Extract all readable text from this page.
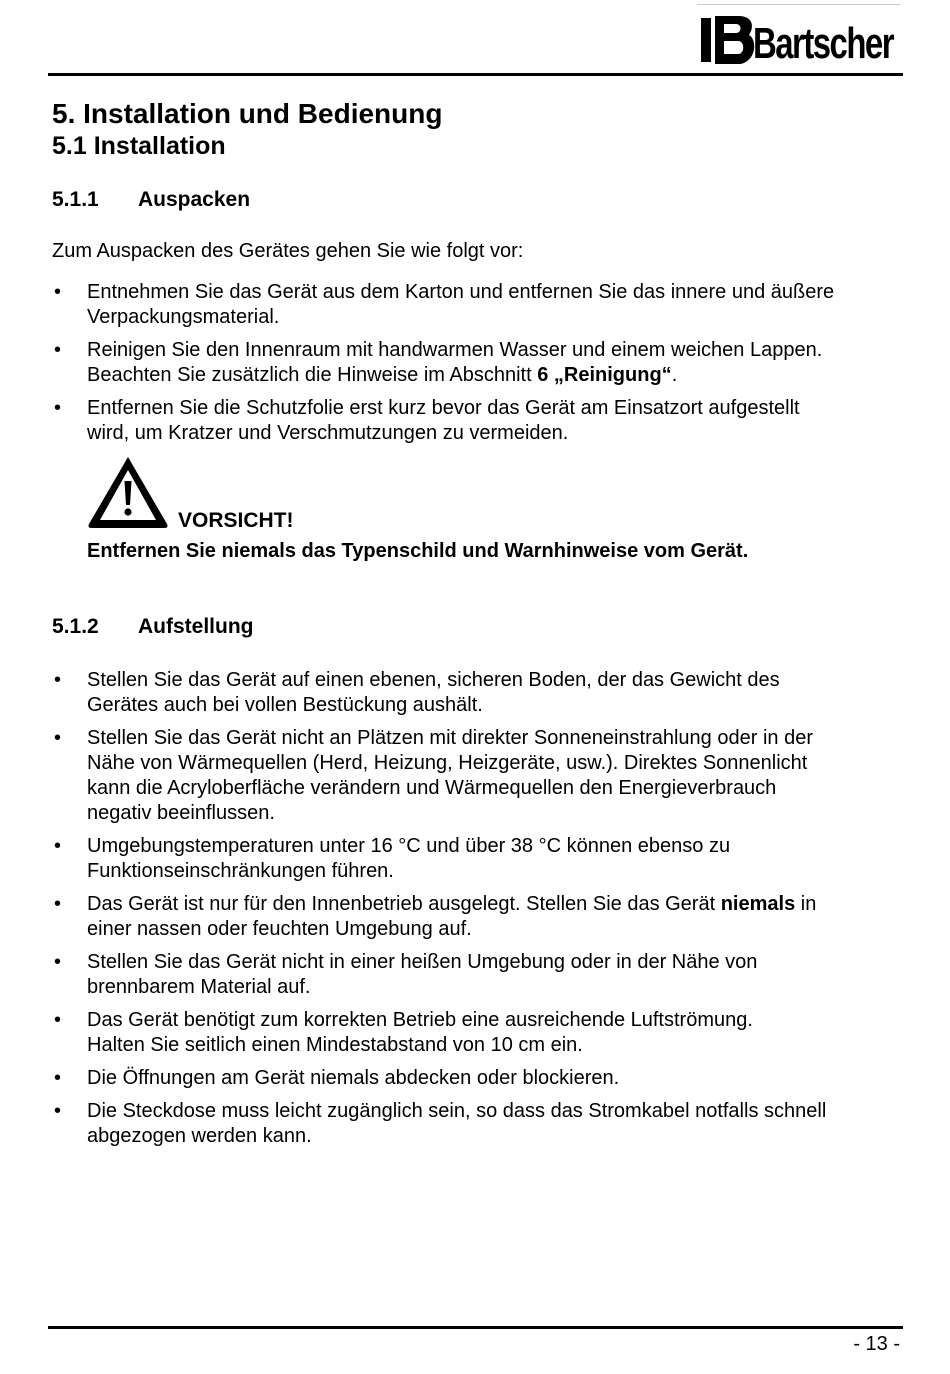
Bartscher
5. Installation und Bedienung
5.1 Installation
5.1.1 Auspacken
Zum Auspacken des Gerätes gehen Sie wie folgt vor:
• Entnehmen Sie das Gerät aus dem Karton und entfernen Sie das innere und äußere
Verpackungsmaterial.
• Reinigen Sie den Innenraum mit handwarmen Wasser und einem weichen Lappen.
Beachten Sie zusätzlich die Hinweise im Abschnitt 6 „Reinigung“.
• Entfernen Sie die Schutzfolie erst kurz bevor das Gerät am Einsatzort aufgestellt
wird, um Kratzer und Verschmutzungen zu vermeiden.
VORSICHT!
Entfernen Sie niemals das Typenschild und Warnhinweise vom Gerät.
5.1.2 Aufstellung
• Stellen Sie das Gerät auf einen ebenen, sicheren Boden, der das Gewicht des
Gerätes auch bei vollen Bestückung aushält.
• Stellen Sie das Gerät nicht an Plätzen mit direkter Sonneneinstrahlung oder in der
Nähe von Wärmequellen (Herd, Heizung, Heizgeräte, usw.). Direktes Sonnenlicht
kann die Acryloberfläche verändern und Wärmequellen den Energieverbrauch
negativ beeinflussen.
• Umgebungstemperaturen unter 16 °C und über 38 °C können ebenso zu
Funktionseinschränkungen führen.
• Das Gerät ist nur für den Innenbetrieb ausgelegt. Stellen Sie das Gerät niemals in
einer nassen oder feuchten Umgebung auf.
• Stellen Sie das Gerät nicht in einer heißen Umgebung oder in der Nähe von
brennbarem Material auf.
• Das Gerät benötigt zum korrekten Betrieb eine ausreichende Luftströmung.
Halten Sie seitlich einen Mindestabstand von 10 cm ein.
• Die Öffnungen am Gerät niemals abdecken oder blockieren.
• Die Steckdose muss leicht zugänglich sein, so dass das Stromkabel notfalls schnell
abgezogen werden kann.
- 13 -
